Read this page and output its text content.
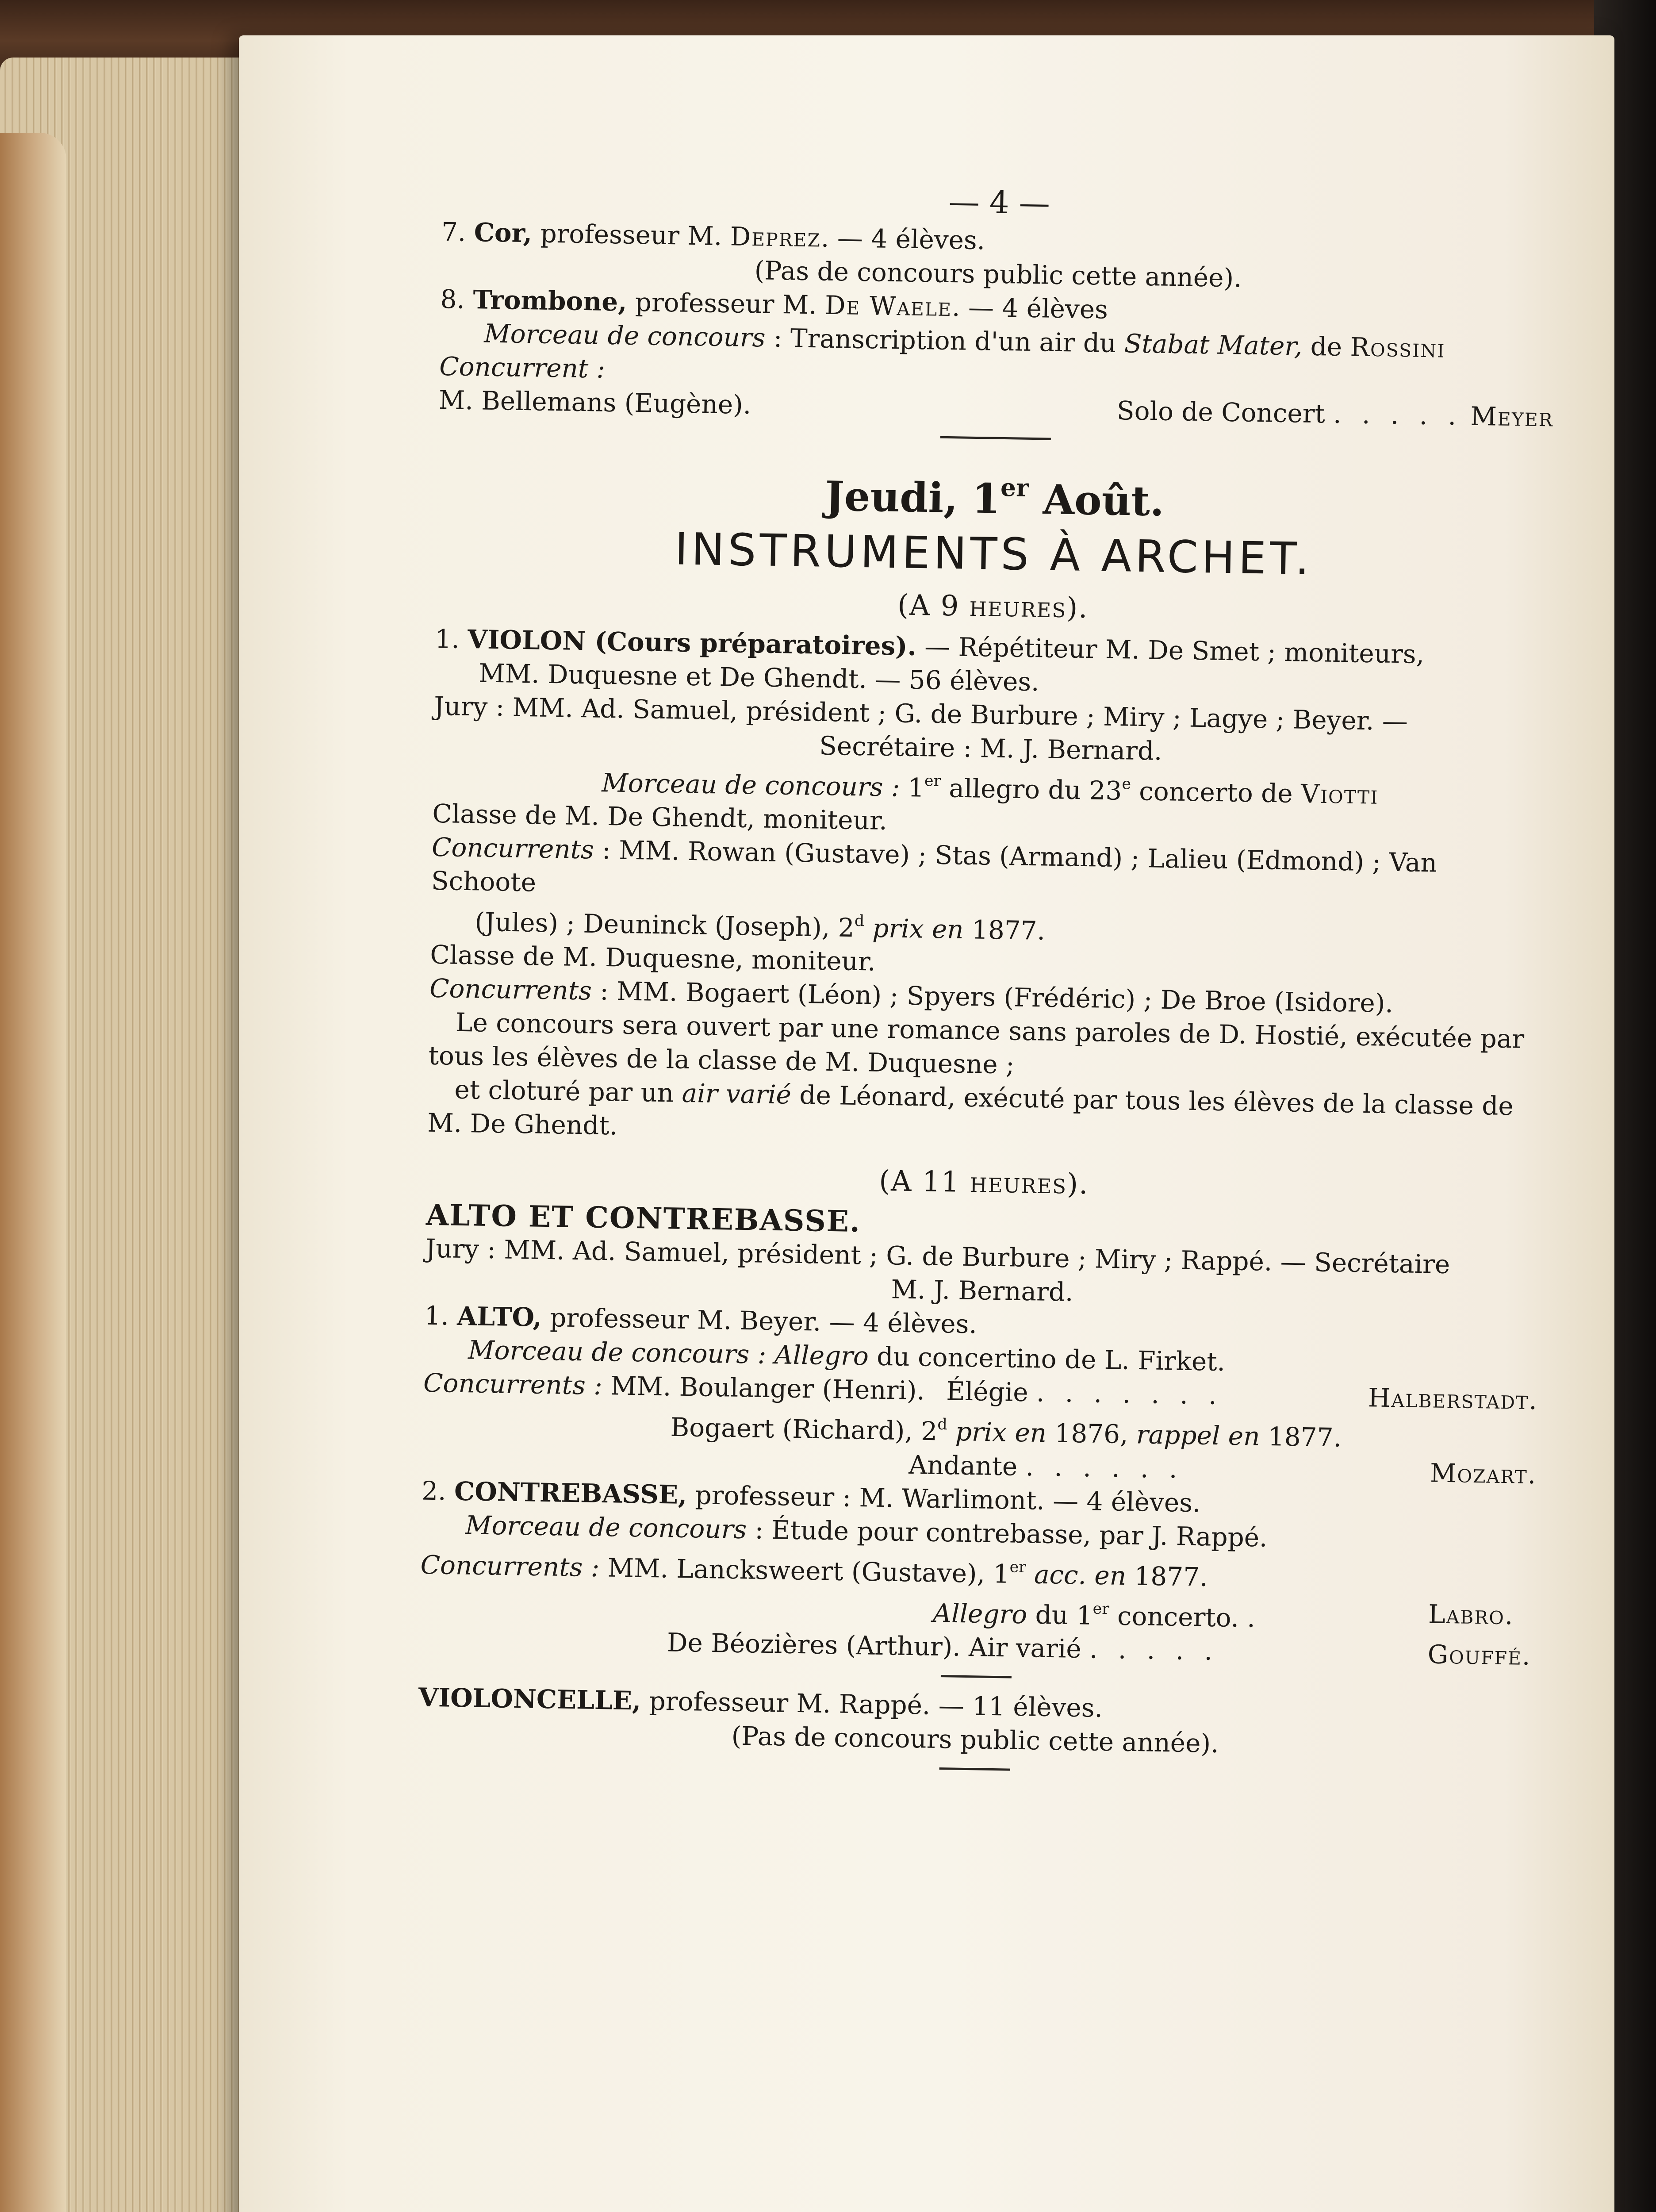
— 4 —

7. Cor, professeur M. Deprez. — 4 élèves.

(Pas de concours public cette année).

8. Trombone, professeur M. De Waele. — 4 élèves

Morceau de concours : Transcription d'un air du Stabat Mater, de Rossini

Concurrent :

M. Bellemans (Eugène).	Solo de Concert . . . . . Meyer

Jeudi, 1er Août.

INSTRUMENTS À ARCHET.

(A 9 heures).

1. VIOLON (Cours préparatoires). — Répétiteur M. De Smet ; moniteurs,

MM. Duquesne et De Ghendt. — 56 élèves.

Jury : MM. Ad. Samuel, président ; G. de Burbure ; Miry ; Lagye ; Beyer. —

Secrétaire : M. J. Bernard.

Morceau de concours : 1er allegro du 23e concerto de Viotti

Classe de M. De Ghendt, moniteur.

Concurrents : MM. Rowan (Gustave) ; Stas (Armand) ; Lalieu (Edmond) ; Van Schoote

(Jules) ; Deuninck (Joseph), 2$^d$ prix en 1877.

Classe de M. Duquesne, moniteur.

Concurrents : MM. Bogaert (Léon) ; Spyers (Frédéric) ; De Broe (Isidore).

Le concours sera ouvert par une romance sans paroles de D. Hostié, exécutée par tous les élèves de la classe de M. Duquesne ;

et cloturé par un air varié de Léonard, exécuté par tous les élèves de la classe de M. De Ghendt.

(A 11 heures).

ALTO ET CONTREBASSE.

Jury : MM. Ad. Samuel, président ; G. de Burbure ; Miry ; Rappé. — Secrétaire

M. J. Bernard.

1. ALTO, professeur M. Beyer. — 4 élèves.

Morceau de concours : Allegro du concertino de L. Firket.

Concurrents : MM. Boulanger (Henri). Élégie . . . . . . .	Halberstadt.

Bogaert (Richard), 2$^d$ prix en 1876, rappel en 1877.

Andante . . . . . .	Mozart.

2. CONTREBASSE, professeur : M. Warlimont. — 4 élèves.

Morceau de concours : Étude pour contrebasse, par J. Rappé.

Concurrents : MM. Lancksweert (Gustave), 1er acc. en 1877.

Allegro du 1er concerto. .	Labro.

De Béozières (Arthur). Air varié . . . . .	Gouffé.

VIOLONCELLE, professeur M. Rappé. — 11 élèves.

(Pas de concours public cette année).
